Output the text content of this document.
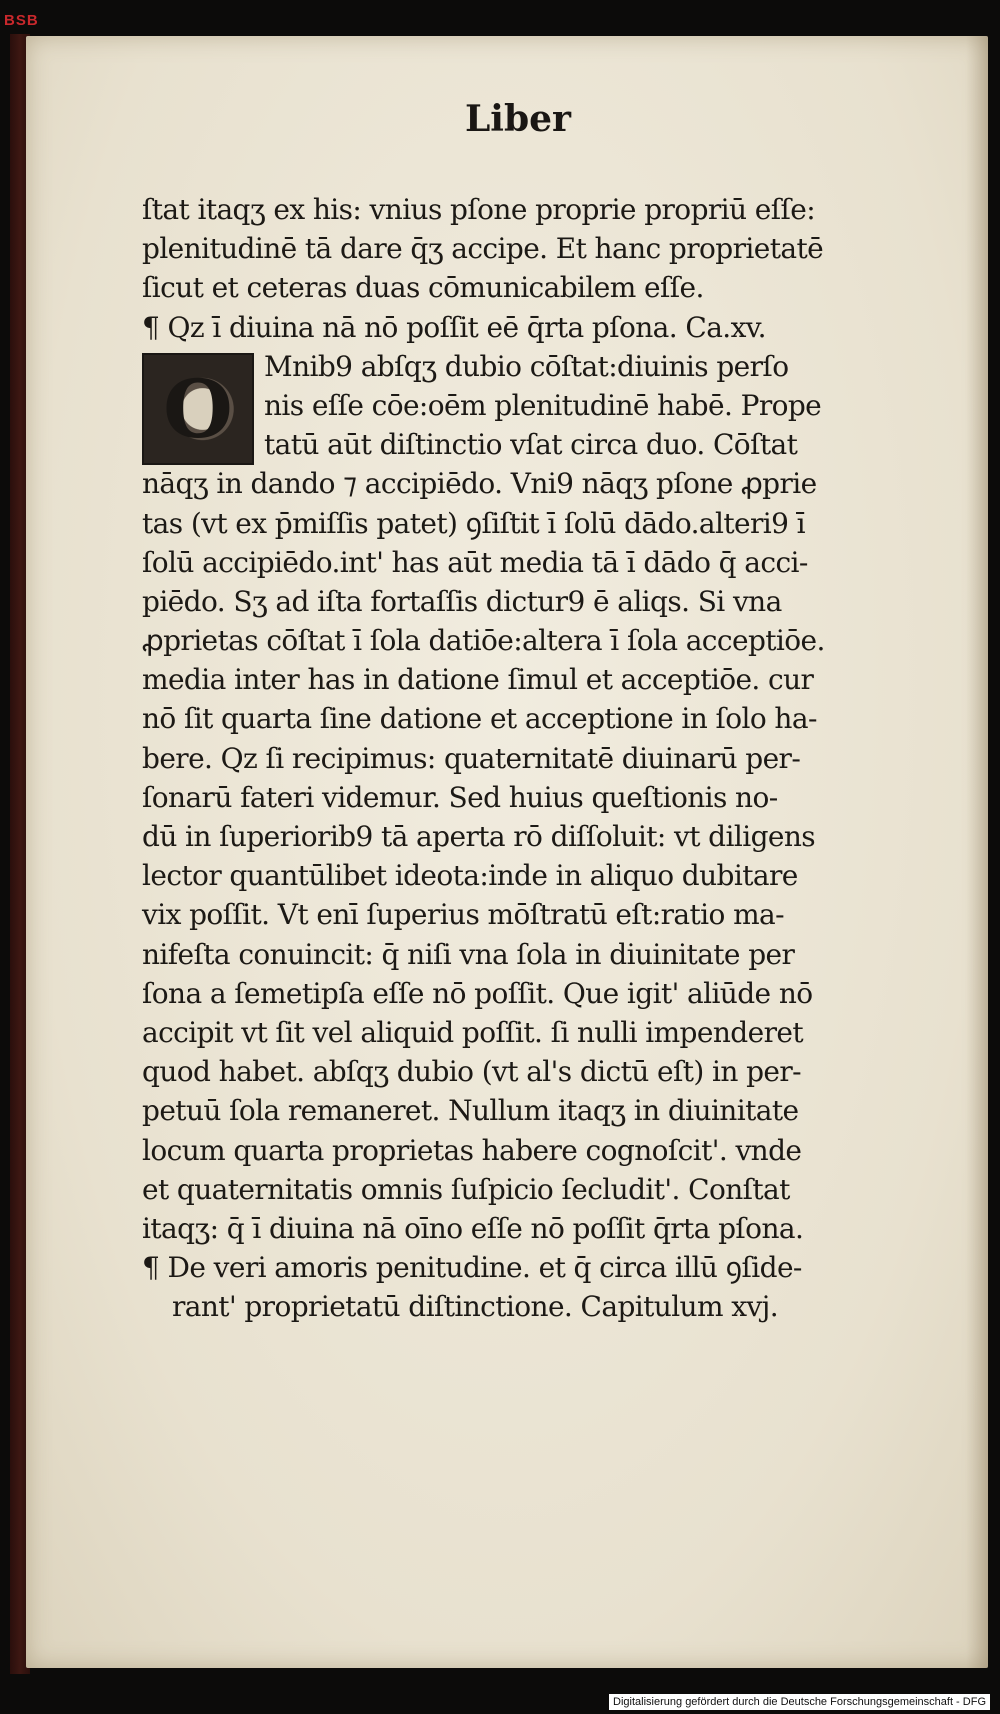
BSB
Liber
O
ſtat itaqʒ ex his: vnius pſone proprie propriū eſſe:
plenitudinē tā dare q̄ʒ accipe. Et hanc proprietatē
ſicut et ceteras duas cōmunicabilem eſſe.
¶ Qz ī diuina nā nō poſſit eē q̄rta pſona. Ca.xv.
Mnib9 abſqʒ dubio cōſtat:diuinis perſo
nis eſſe cōe:oēm plenitudinē habē. Prope
tatū aūt diſtinctio vſat circa duo. Cōſtat
nāqʒ in dando ⁊ accipiēdo. Vni9 nāqʒ pſone ꝓprie
tas (vt ex p̄miſſis patet) ꝯſiſtit ī ſolū dādo.alteri9 ī
ſolū accipiēdo.int' has aūt media tā ī dādo q̄ acci-
piēdo. Sʒ ad iſta fortaſſis dictur9 ē aliqs. Si vna
ꝓprietas cōſtat ī ſola datiōe:altera ī ſola acceptiōe.
media inter has in datione ſimul et acceptiōe. cur
nō ſit quarta ſine datione et acceptione in ſolo ha-
bere. Qz ſi recipimus: quaternitatē diuinarū per-
ſonarū fateri videmur. Sed huius queſtionis no-
dū in ſuperiorib9 tā aperta rō diſſoluit: vt diligens
lector quantūlibet ideota:inde in aliquo dubitare
vix poſſit. Vt enī ſuperius mōſtratū eſt:ratio ma-
nifeſta conuincit: q̄ niſi vna ſola in diuinitate per
ſona a ſemetipſa eſſe nō poſſit. Que igit' aliūde nō
accipit vt ſit vel aliquid poſſit. ſi nulli impenderet
quod habet. abſqʒ dubio (vt al's dictū eſt) in per-
petuū ſola remaneret. Nullum itaqʒ in diuinitate
locum quarta proprietas habere cognoſcit'. vnde
et quaternitatis omnis ſuſpicio ſecludit'. Conſtat
itaqʒ: q̄ ī diuina nā oīno eſſe nō poſſit q̄rta pſona.
¶ De veri amoris penitudine. et q̄ circa illū ꝯſide-
rant' proprietatū diſtinctione. Capitulum xvj.
Digitalisierung gefördert durch die Deutsche Forschungsgemeinschaft - DFG
